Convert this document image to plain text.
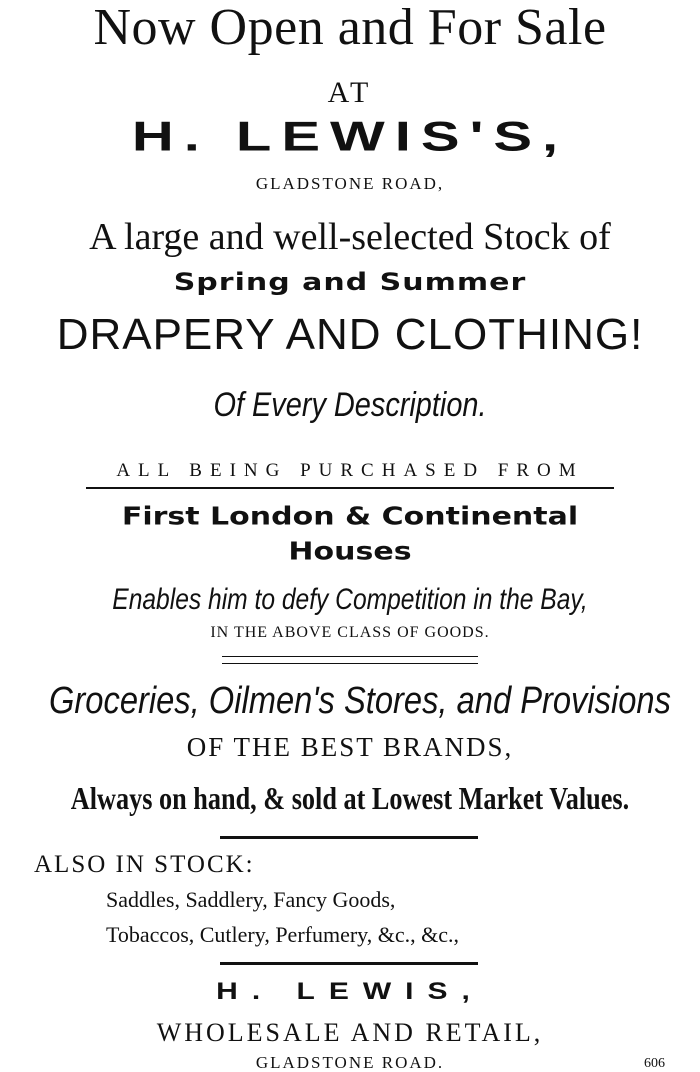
Now Open and For Sale
AT
H. LEWIS'S,
GLADSTONE ROAD,
A large and well-selected Stock of
Spring and Summer
DRAPERY AND CLOTHING!
Of Every Description.
ALL BEING PURCHASED FROM
First London & Continental
Houses
Enables him to defy Competition in the Bay,
IN THE ABOVE CLASS OF GOODS.
Groceries, Oilmen's Stores, and Provisions
OF THE BEST BRANDS,
Always on hand, & sold at Lowest Market Values.
ALSO IN STOCK:
Saddles, Saddlery, Fancy Goods,
Tobaccos, Cutlery, Perfumery, &c., &c.,
H. LEWIS,
WHOLESALE AND RETAIL,
GLADSTONE ROAD.	606
